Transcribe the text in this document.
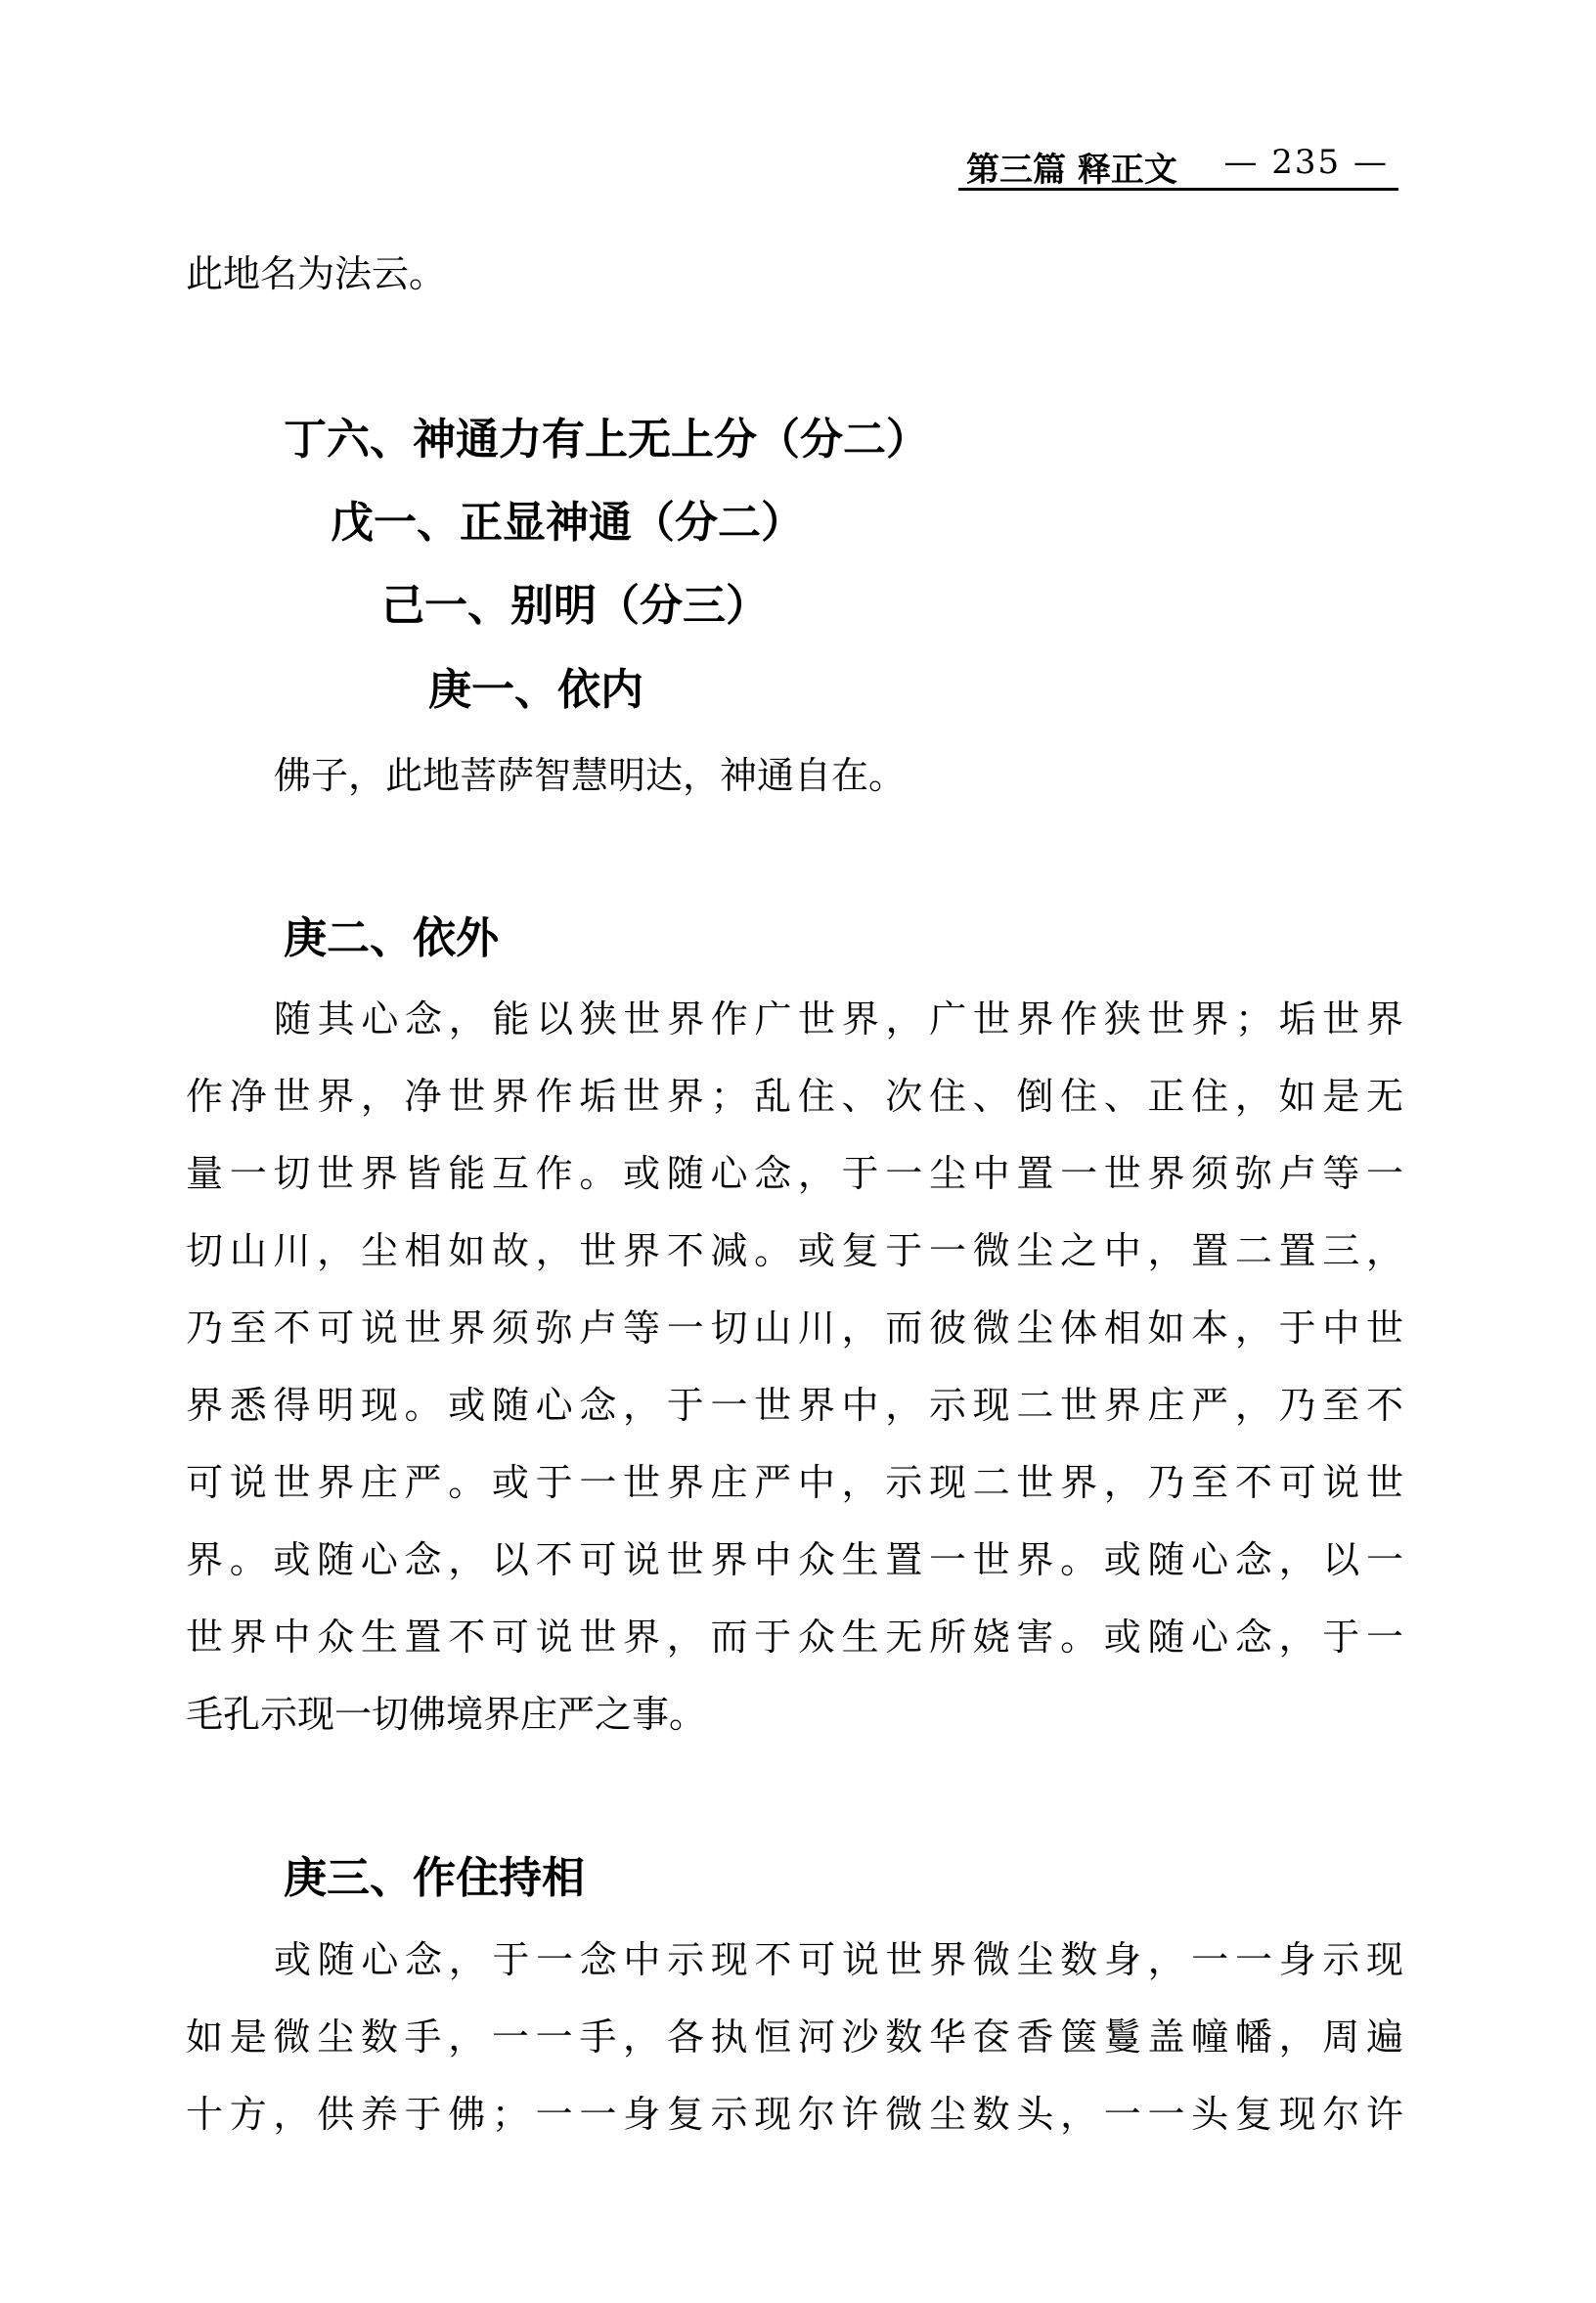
第三篇 释正文 — 235 —
此地名为法云。
丁六、神通力有上无上分（分二）
戊一、正显神通（分二）
己一、别明（分三）
庚一、依内
佛子，此地菩萨智慧明达，神通自在。
庚二、依外
随其心念，能以狭世界作广世界，广世界作狭世界；垢世界
作净世界，净世界作垢世界；乱住、次住、倒住、正住，如是无
量一切世界皆能互作。或随心念，于一尘中置一世界须弥卢等一
切山川，尘相如故，世界不减。或复于一微尘之中，置二置三，
乃至不可说世界须弥卢等一切山川，而彼微尘体相如本，于中世
界悉得明现。或随心念，于一世界中，示现二世界庄严，乃至不
可说世界庄严。或于一世界庄严中，示现二世界，乃至不可说世
界。或随心念，以不可说世界中众生置一世界。或随心念，以一
世界中众生置不可说世界，而于众生无所娆害。或随心念，于一
毛孔示现一切佛境界庄严之事。
庚三、作住持相
或随心念，于一念中示现不可说世界微尘数身，一一身示现
如是微尘数手，一一手，各执恒河沙数华奁香箧鬘盖幢幡，周遍
十方，供养于佛；一一身复示现尔许微尘数头，一一头复现尔许
